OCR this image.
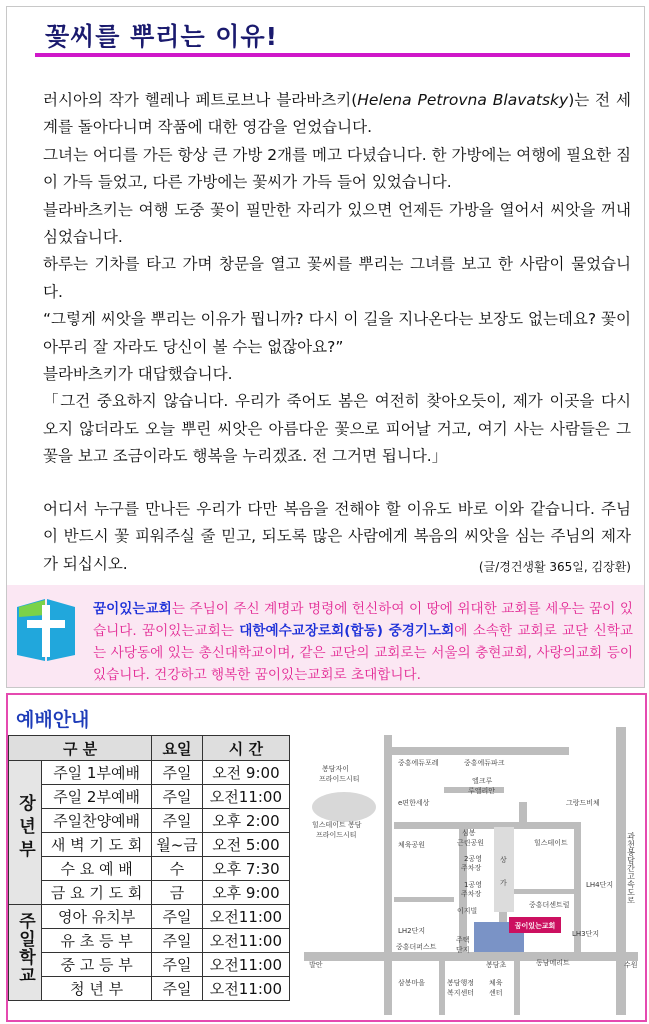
꽃씨를 뿌리는 이유!

러시아의 작가 헬레나 페트로브나 블라바츠키(Helena Petrovna Blavatsky)는 전 세계를 돌아다니며 작품에 대한 영감을 얻었습니다.

그녀는 어디를 가든 항상 큰 가방 2개를 메고 다녔습니다. 한 가방에는 여행에 필요한 짐이 가득 들었고, 다른 가방에는 꽃씨가 가득 들어 있었습니다.

블라바츠키는 여행 도중 꽃이 필만한 자리가 있으면 언제든 가방을 열어서 씨앗을 꺼내 심었습니다.

하루는 기차를 타고 가며 창문을 열고 꽃씨를 뿌리는 그녀를 보고 한 사람이 물었습니다.

“그렇게 씨앗을 뿌리는 이유가 뭡니까? 다시 이 길을 지나온다는 보장도 없는데요? 꽃이 아무리 잘 자라도 당신이 볼 수는 없잖아요?”

블라바츠키가 대답했습니다.

「그건 중요하지 않습니다. 우리가 죽어도 봄은 여전히 찾아오듯이, 제가 이곳을 다시 오지 않더라도 오늘 뿌린 씨앗은 아름다운 꽃으로 피어날 거고, 여기 사는 사람들은 그 꽃을 보고 조금이라도 행복을 누리겠죠. 전 그거면 됩니다.」

어디서 누구를 만나든 우리가 다만 복음을 전해야 할 이유도 바로 이와 같습니다. 주님이 반드시 꽃 피워주실 줄 믿고, 되도록 많은 사람에게 복음의 씨앗을 심는 주님의 제자가 되십시오.	(글/경건생활 365일, 김장환)

꿈이있는교회는 주님이 주신 계명과 명령에 헌신하여 이 땅에 위대한 교회를 세우는 꿈이 있습니다. 꿈이있는교회는 대한예수교장로회(합동) 중경기노회에 소속한 교회로 교단 신학교는 사당동에 있는 총신대학교이며, 같은 교단의 교회로는 서울의 충현교회, 사랑의교회 등이 있습니다. 건강하고 행복한 꿈이있는교회로 초대합니다.
예배안내
구 분		요일	시 간
장년부	주일 1부예배	주일	오전 9:00
	주일 2부예배	주일	오전11:00
	주일찬양예배	주일	오후 2:00
	새 벽 기 도 회	월~금	오전 5:00
	수 요 예 배	수	오후 7:30
	금 요 기 도 회	금	오후 9:00
주일학교	영아 유치부	주일	오전11:00
	유 초 등 부	주일	오전11:00
	중 고 등 부	주일	오전11:00
	청 년 부	주일	오전11:00
꿈이있는교회
봉담자이
프라이드시티
힐스테이트 봉담
프라이드시티
중흥에듀포레	중흥에듀파크
e편한세상
엘크루
루앨리안
그랑드비체
체육공원
심봉
근린공원
2공영
주차장
1공영
주차장
이지빌
상
가
힐스테이트
중흥더센트럴
LH4단지
LH2단지
주택
단지
LH3단지
중흥더퍼스트
봉담초	동남메리트
발안	수원
삼봉마을	봉담행정
복지센터
체육
센터
과천봉담간고속도로
